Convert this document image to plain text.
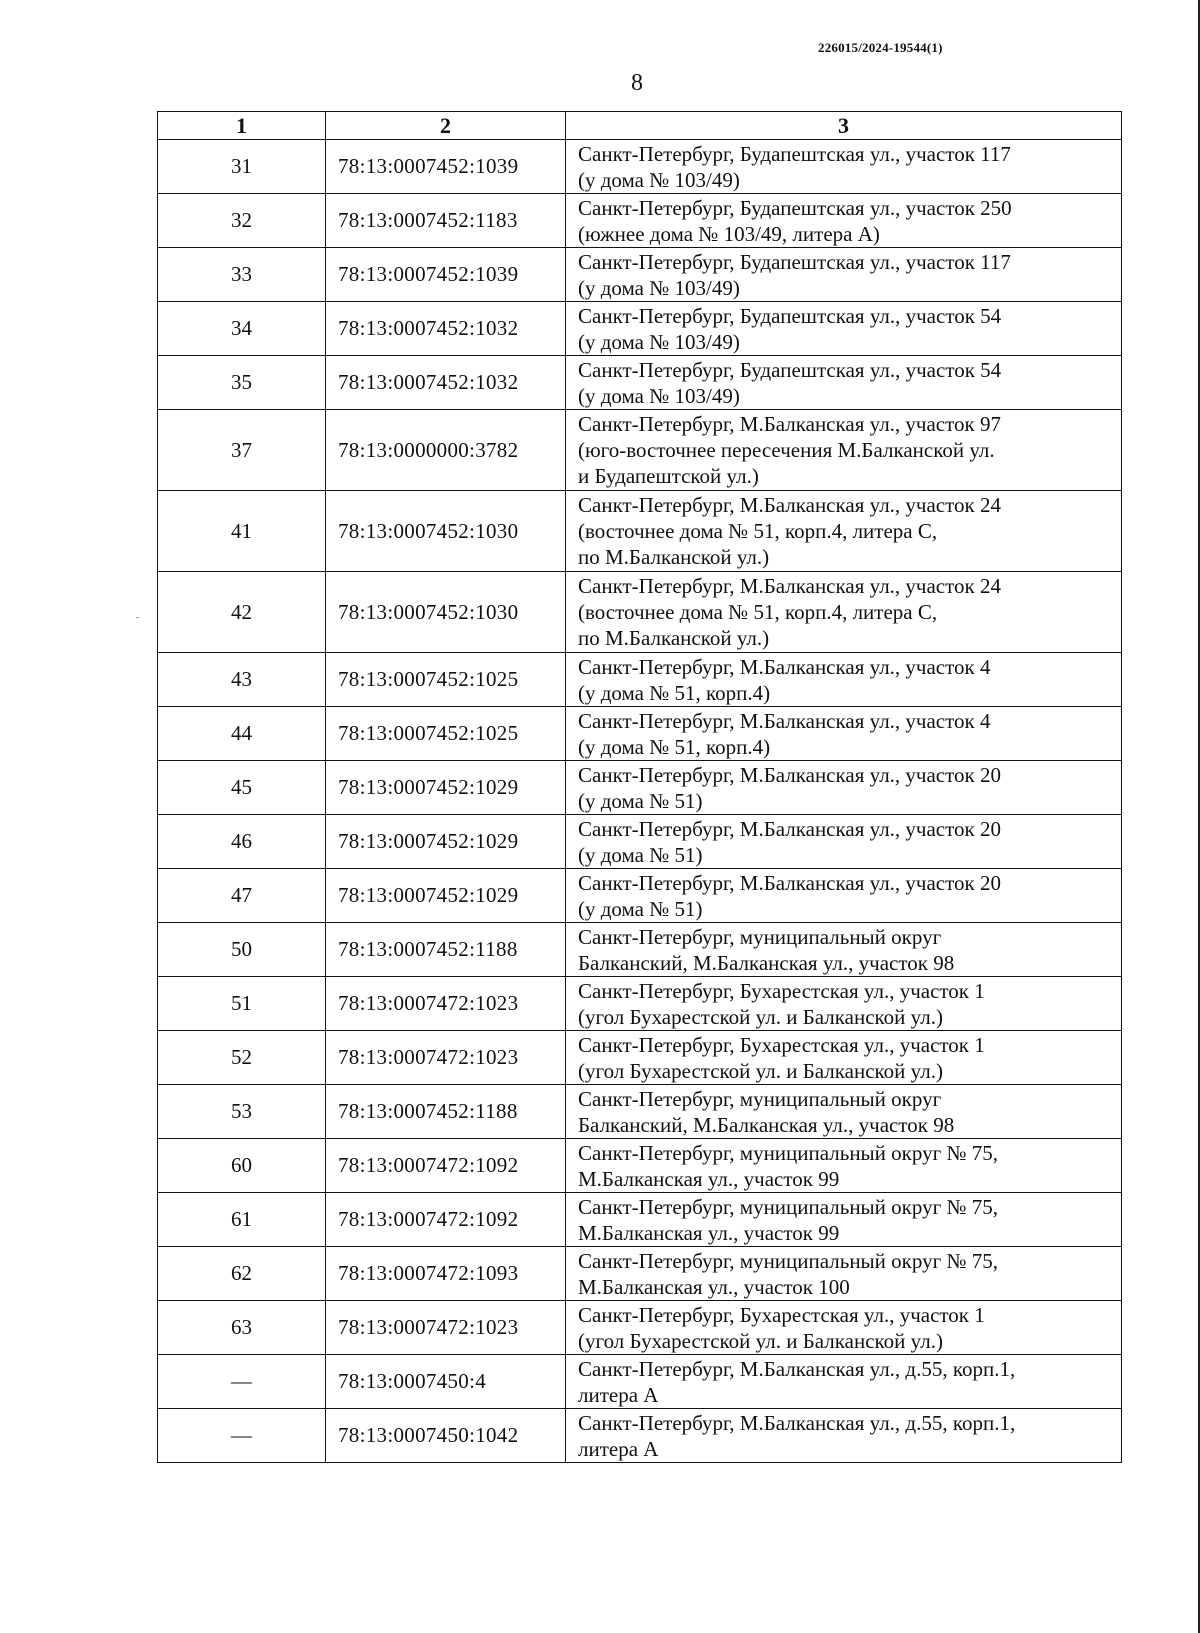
226015/2024-19544(1)
8
1	2	3
31	78:13:0007452:1039	Санкт-Петербург, Будапештская ул., участок 117
(у дома № 103/49)

32	78:13:0007452:1183	Санкт-Петербург, Будапештская ул., участок 250
(южнее дома № 103/49, литера А)

33	78:13:0007452:1039	Санкт-Петербург, Будапештская ул., участок 117
(у дома № 103/49)

34	78:13:0007452:1032	Санкт-Петербург, Будапештская ул., участок 54
(у дома № 103/49)

35	78:13:0007452:1032	Санкт-Петербург, Будапештская ул., участок 54
(у дома № 103/49)

37	78:13:0000000:3782	Санкт-Петербург, М.Балканская ул., участок 97
(юго-восточнее пересечения М.Балканской ул.
и Будапештской ул.)

41	78:13:0007452:1030	Санкт-Петербург, М.Балканская ул., участок 24
(восточнее дома № 51, корп.4, литера С,
по М.Балканской ул.)

42	78:13:0007452:1030	Санкт-Петербург, М.Балканская ул., участок 24
(восточнее дома № 51, корп.4, литера С,
по М.Балканской ул.)

43	78:13:0007452:1025	Санкт-Петербург, М.Балканская ул., участок 4
(у дома № 51, корп.4)

44	78:13:0007452:1025	Санкт-Петербург, М.Балканская ул., участок 4
(у дома № 51, корп.4)

45	78:13:0007452:1029	Санкт-Петербург, М.Балканская ул., участок 20
(у дома № 51)

46	78:13:0007452:1029	Санкт-Петербург, М.Балканская ул., участок 20
(у дома № 51)

47	78:13:0007452:1029	Санкт-Петербург, М.Балканская ул., участок 20
(у дома № 51)

50	78:13:0007452:1188	Санкт-Петербург, муниципальный округ
Балканский, М.Балканская ул., участок 98

51	78:13:0007472:1023	Санкт-Петербург, Бухарестская ул., участок 1
(угол Бухарестской ул. и Балканской ул.)

52	78:13:0007472:1023	Санкт-Петербург, Бухарестская ул., участок 1
(угол Бухарестской ул. и Балканской ул.)

53	78:13:0007452:1188	Санкт-Петербург, муниципальный округ
Балканский, М.Балканская ул., участок 98

60	78:13:0007472:1092	Санкт-Петербург, муниципальный округ № 75,
М.Балканская ул., участок 99

61	78:13:0007472:1092	Санкт-Петербург, муниципальный округ № 75,
М.Балканская ул., участок 99

62	78:13:0007472:1093	Санкт-Петербург, муниципальный округ № 75,
М.Балканская ул., участок 100

63	78:13:0007472:1023	Санкт-Петербург, Бухарестская ул., участок 1
(угол Бухарестской ул. и Балканской ул.)

—	78:13:0007450:4	Санкт-Петербург, М.Балканская ул., д.55, корп.1,
литера А

—	78:13:0007450:1042	Санкт-Петербург, М.Балканская ул., д.55, корп.1,
литера А
